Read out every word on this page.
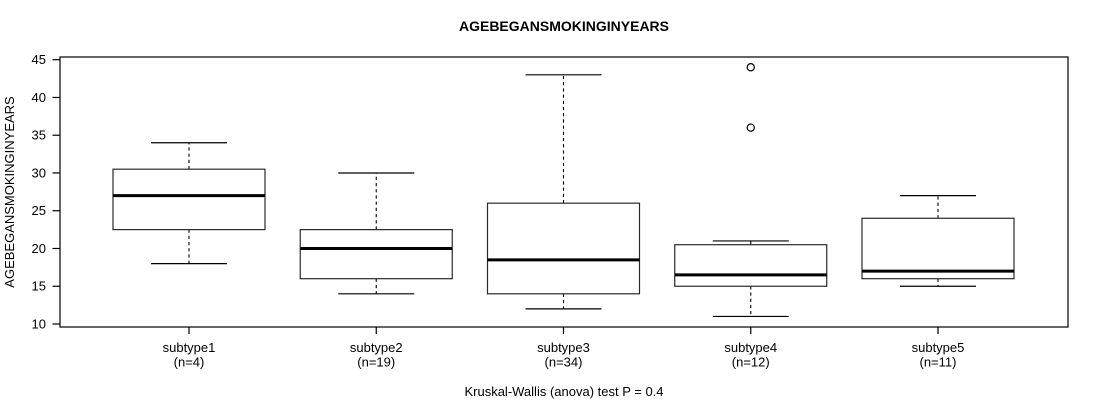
AGEBEGANSMOKINGINYEARS
AGEBEGANSMOKINGINYEARS
10
15
20
25
30
35
40
45
subtype1
(n=4)
subtype2
(n=19)
subtype3
(n=34)
subtype4
(n=12)
subtype5
(n=11)
Kruskal-Wallis (anova) test P = 0.4
